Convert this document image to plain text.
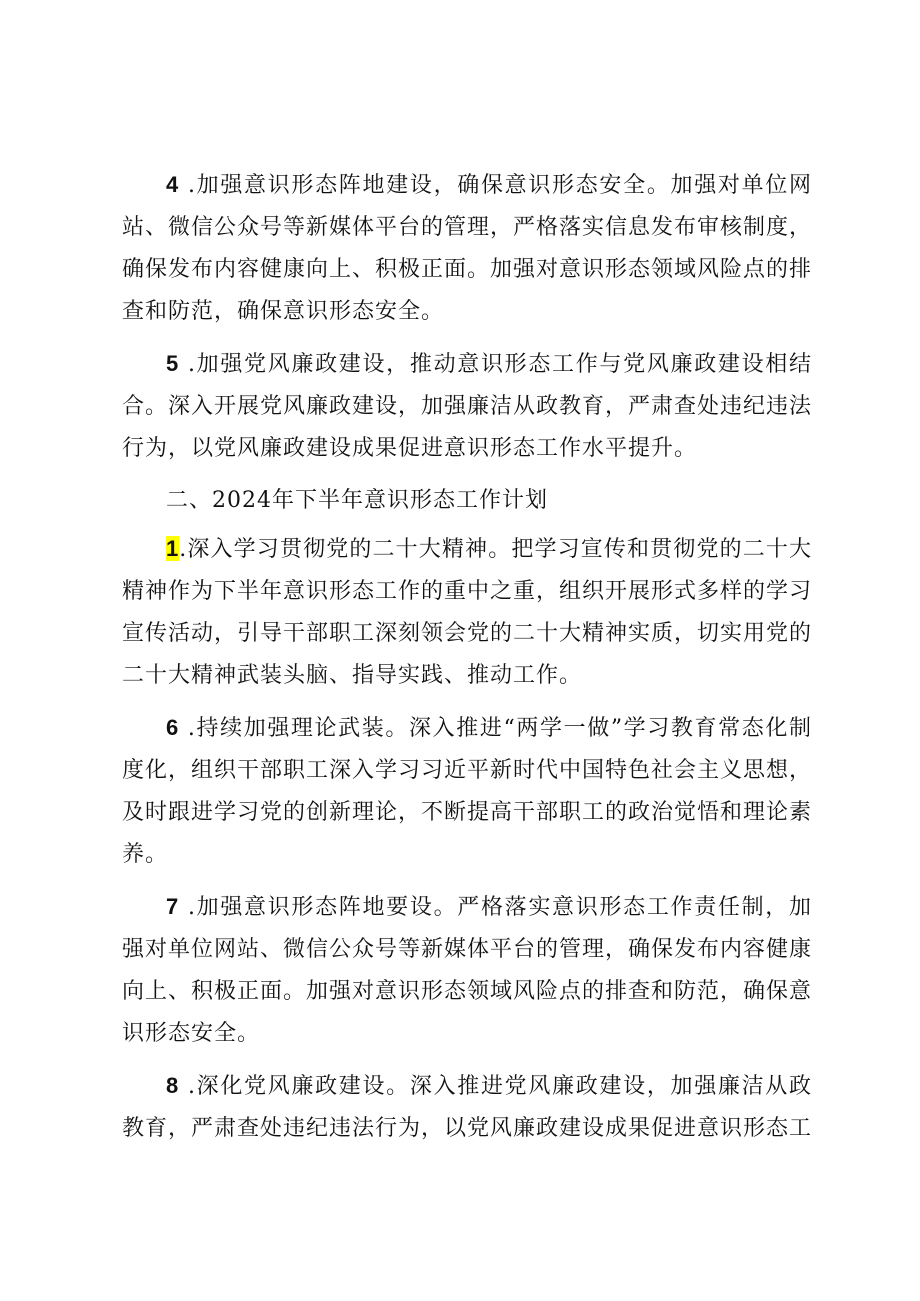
4 .加强意识形态阵地建设，确保意识形态安全。加强对单位网站、微信公众号等新媒体平台的管理，严格落实信息发布审核制度，确保发布内容健康向上、积极正面。加强对意识形态领域风险点的排查和防范，确保意识形态安全。

5 .加强党风廉政建设，推动意识形态工作与党风廉政建设相结合。深入开展党风廉政建设，加强廉洁从政教育，严肃查处违纪违法行为，以党风廉政建设成果促进意识形态工作水平提升。

二、2024年下半年意识形态工作计划

1.深入学习贯彻党的二十大精神。把学习宣传和贯彻党的二十大精神作为下半年意识形态工作的重中之重，组织开展形式多样的学习宣传活动，引导干部职工深刻领会党的二十大精神实质，切实用党的二十大精神武装头脑、指导实践、推动工作。

6 .持续加强理论武装。深入推进“两学一做”学习教育常态化制度化，组织干部职工深入学习习近平新时代中国特色社会主义思想，及时跟进学习党的创新理论，不断提高干部职工的政治觉悟和理论素养。

7 .加强意识形态阵地要设。严格落实意识形态工作责任制，加强对单位网站、微信公众号等新媒体平台的管理，确保发布内容健康向上、积极正面。加强对意识形态领域风险点的排查和防范，确保意识形态安全。

8 .深化党风廉政建设。深入推进党风廉政建设，加强廉洁从政教育，严肃查处违纪违法行为，以党风廉政建设成果促进意识形态工
